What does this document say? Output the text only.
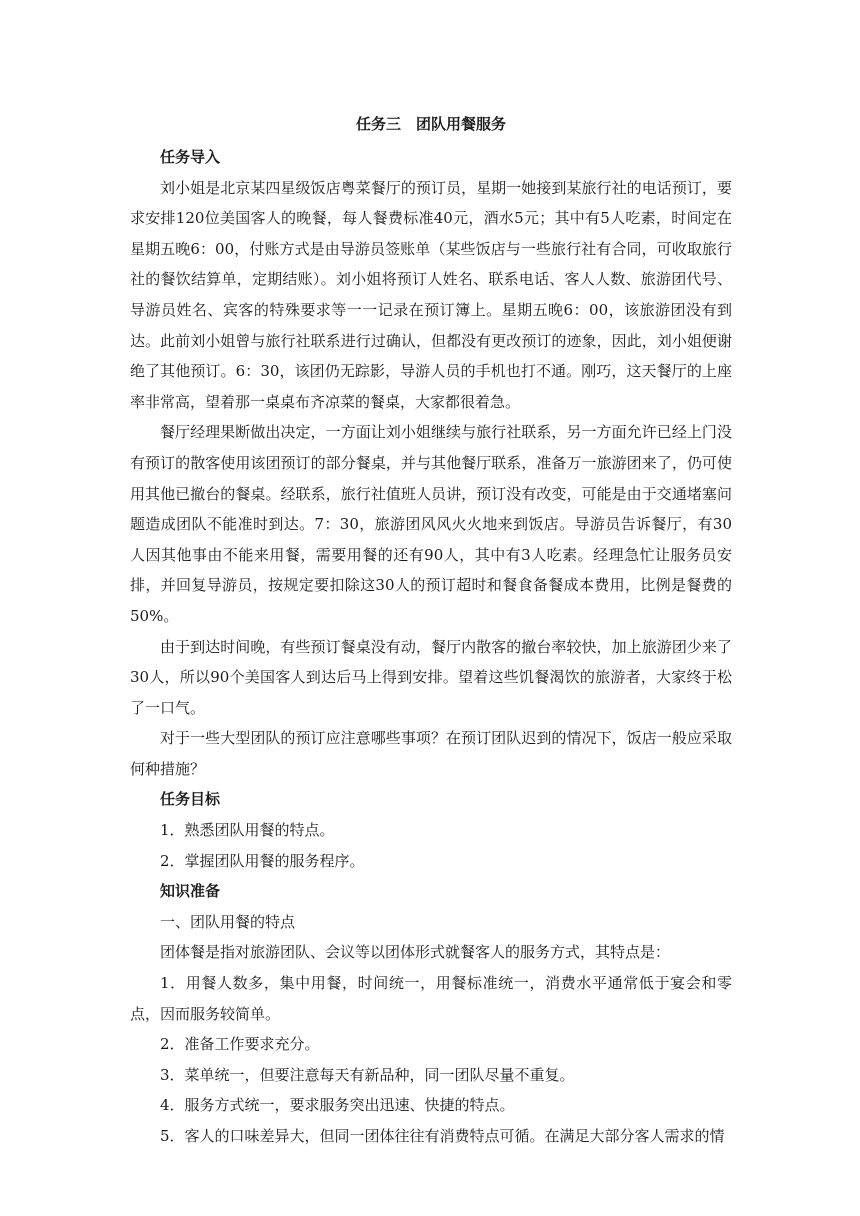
任务三　团队用餐服务

任务导入

刘小姐是北京某四星级饭店粤菜餐厅的预订员，星期一她接到某旅行社的电话预订，要求安排120位美国客人的晚餐，每人餐费标准40元，酒水5元；其中有5人吃素，时间定在星期五晚6：00，付账方式是由导游员签账单（某些饭店与一些旅行社有合同，可收取旅行社的餐饮结算单，定期结账）。刘小姐将预订人姓名、联系电话、客人人数、旅游团代号、导游员姓名、宾客的特殊要求等一一记录在预订簿上。星期五晚6：00，该旅游团没有到达。此前刘小姐曾与旅行社联系进行过确认，但都没有更改预订的迹象，因此，刘小姐便谢绝了其他预订。6：30，该团仍无踪影，导游人员的手机也打不通。刚巧，这天餐厅的上座率非常高，望着那一桌桌布齐凉菜的餐桌，大家都很着急。

餐厅经理果断做出决定，一方面让刘小姐继续与旅行社联系，另一方面允许已经上门没有预订的散客使用该团预订的部分餐桌，并与其他餐厅联系，准备万一旅游团来了，仍可使用其他已撤台的餐桌。经联系，旅行社值班人员讲，预订没有改变，可能是由于交通堵塞问题造成团队不能准时到达。7：30，旅游团风风火火地来到饭店。导游员告诉餐厅，有30人因其他事由不能来用餐，需要用餐的还有90人，其中有3人吃素。经理急忙让服务员安排，并回复导游员，按规定要扣除这30人的预订超时和餐食备餐成本费用，比例是餐费的50%。

由于到达时间晚，有些预订餐桌没有动，餐厅内散客的撤台率较快，加上旅游团少来了30人，所以90个美国客人到达后马上得到安排。望着这些饥餐渴饮的旅游者，大家终于松了一口气。

对于一些大型团队的预订应注意哪些事项？在预订团队迟到的情况下，饭店一般应采取何种措施？

任务目标

1．熟悉团队用餐的特点。

2．掌握团队用餐的服务程序。

知识准备

一、团队用餐的特点

团体餐是指对旅游团队、会议等以团体形式就餐客人的服务方式，其特点是：

1．用餐人数多，集中用餐，时间统一，用餐标准统一，消费水平通常低于宴会和零点，因而服务较简单。

2．准备工作要求充分。

3．菜单统一，但要注意每天有新品种，同一团队尽量不重复。

4．服务方式统一，要求服务突出迅速、快捷的特点。

5．客人的口味差异大，但同一团体往往有消费特点可循。在满足大部分客人需求的情
